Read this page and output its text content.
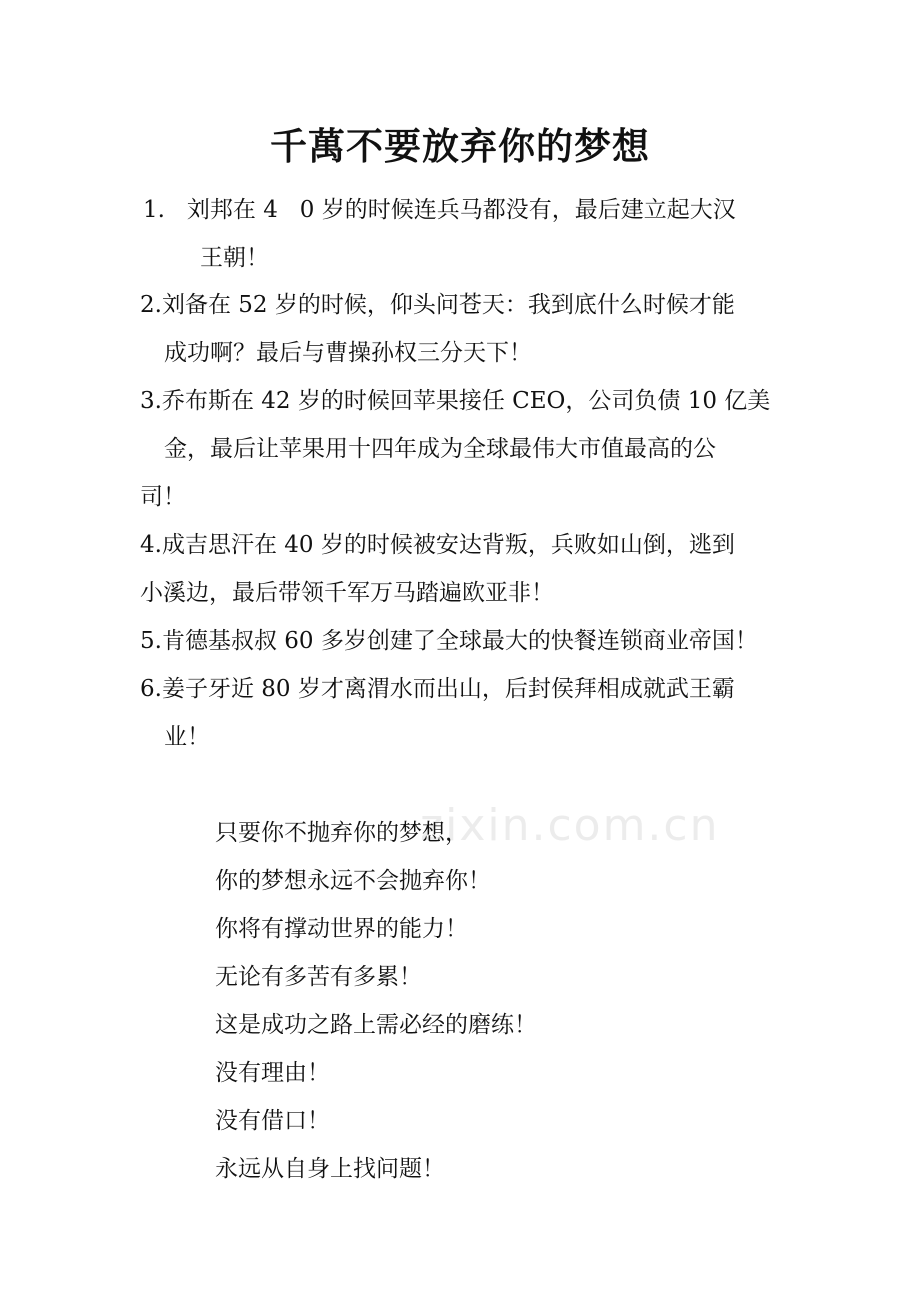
千萬不要放弃你的梦想

1.   刘邦在 4   0 岁的时候连兵马都没有，最后建立起大汉

王朝！

2.刘备在 52 岁的时候，仰头问苍天：我到底什么时候才能

成功啊？最后与曹操孙权三分天下！

3.乔布斯在 42 岁的时候回苹果接任 CEO，公司负债 10 亿美

金，最后让苹果用十四年成为全球最伟大市值最高的公

司！

4.成吉思汗在 40 岁的时候被安达背叛，兵败如山倒，逃到

小溪边，最后带领千军万马踏遍欧亚非！

5.肯德基叔叔 60 多岁创建了全球最大的快餐连锁商业帝国！

6.姜子牙近 80 岁才离渭水而出山，后封侯拜相成就武王霸

业！

zixin.com.cn

只要你不抛弃你的梦想，

你的梦想永远不会抛弃你！

你将有撑动世界的能力！

无论有多苦有多累！

这是成功之路上需必经的磨练！

没有理由！

没有借口！

永远从自身上找问题！
